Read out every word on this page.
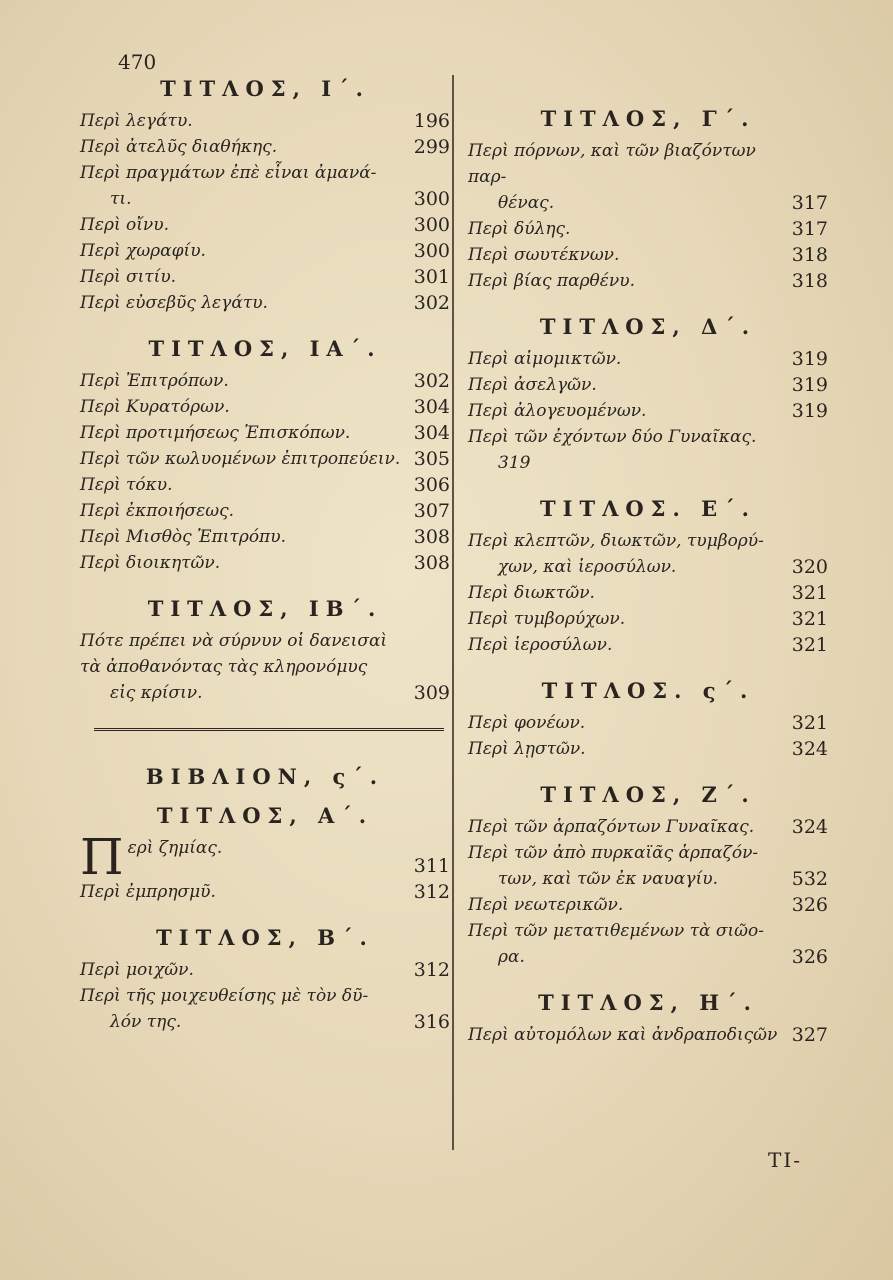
470
ΤΙΤΛΟΣ, Ι΄.
Περὶ λεγάτυ.	196
Περὶ ἀτελῦς διαθήκης.	299
Περὶ πραγμάτων ἐπὲ εἶναι ἀμανά-
τι.	300
Περὶ οἴνυ.	300
Περὶ χωραφίυ.	300
Περὶ σιτίυ.	301
Περὶ εὐσεβῦς λεγάτυ.	302
ΤΙΤΛΟΣ, ΙΑ΄.
Περὶ Ἐπιτρόπων.	302
Περὶ Κυρατόρων.	304
Περὶ προτιμήσεως Ἐπισκόπων.	304
Περὶ τῶν κωλυομένων ἐπιτροπεύειν. 305
Περὶ τόκυ.	306
Περὶ ἐκποιήσεως.	307
Περὶ Μισθὸς Ἐπιτρόπυ.	308
Περὶ διοικητῶν.	308
ΤΙΤΛΟΣ, ΙΒ΄.
Πότε πρέπει νὰ σύρνυν οἱ δανεισαὶ τὰ ἀποθανόντας τὰς κληρονόμυς
εἰς κρίσιν.	309
ΒΙΒΛΙΟΝ, ς΄.
ΤΙΤΛΟΣ, Α΄.
Περὶ ζημίας.
311
Περὶ ἐμπρησμῦ.	312
ΤΙΤΛΟΣ, Β΄.
Περὶ μοιχῶν.	312
Περὶ τῆς μοιχευθείσης μὲ τὸν δῦ-
λόν της.	316
ΤΙΤΛΟΣ, Γ΄.
Περὶ πόρνων, καὶ τῶν βιαζόντων παρ-
θένας.	317
Περὶ δύλης.	317
Περὶ σωυτέκνων.	318
Περὶ βίας παρθένυ.	318
ΤΙΤΛΟΣ, Δ΄.
Περὶ αἱμομικτῶν.	319
Περὶ ἀσελγῶν.	319
Περὶ ἀλογευομένων.	319
Περὶ τῶν ἐχόντων δύο Γυναῖκας.
319
ΤΙΤΛΟΣ. Ε΄.
Περὶ κλεπτῶν, διωκτῶν, τυμβορύ-
χων, καὶ ἱεροσύλων.	320
Περὶ διωκτῶν.	321
Περὶ τυμβορύχων.	321
Περὶ ἱεροσύλων.	321
ΤΙΤΛΟΣ. ς΄.
Περὶ φονέων.	321
Περὶ λῃστῶν.	324
ΤΙΤΛΟΣ, Ζ΄.
Περὶ τῶν ἁρπαζόντων Γυναῖκας.	324
Περὶ τῶν ἀπὸ πυρκαϊᾶς ἁρπαζόν-
των, καὶ τῶν ἐκ ναυαγίυ.	532
Περὶ νεωτερικῶν.	326
Περὶ τῶν μετατιθεμένων τὰ σιῶο-
ρα.	326
ΤΙΤΛΟΣ, Η΄.
Περὶ αὐτομόλων καὶ ἀνδραποδιςῶν 327
TI-
